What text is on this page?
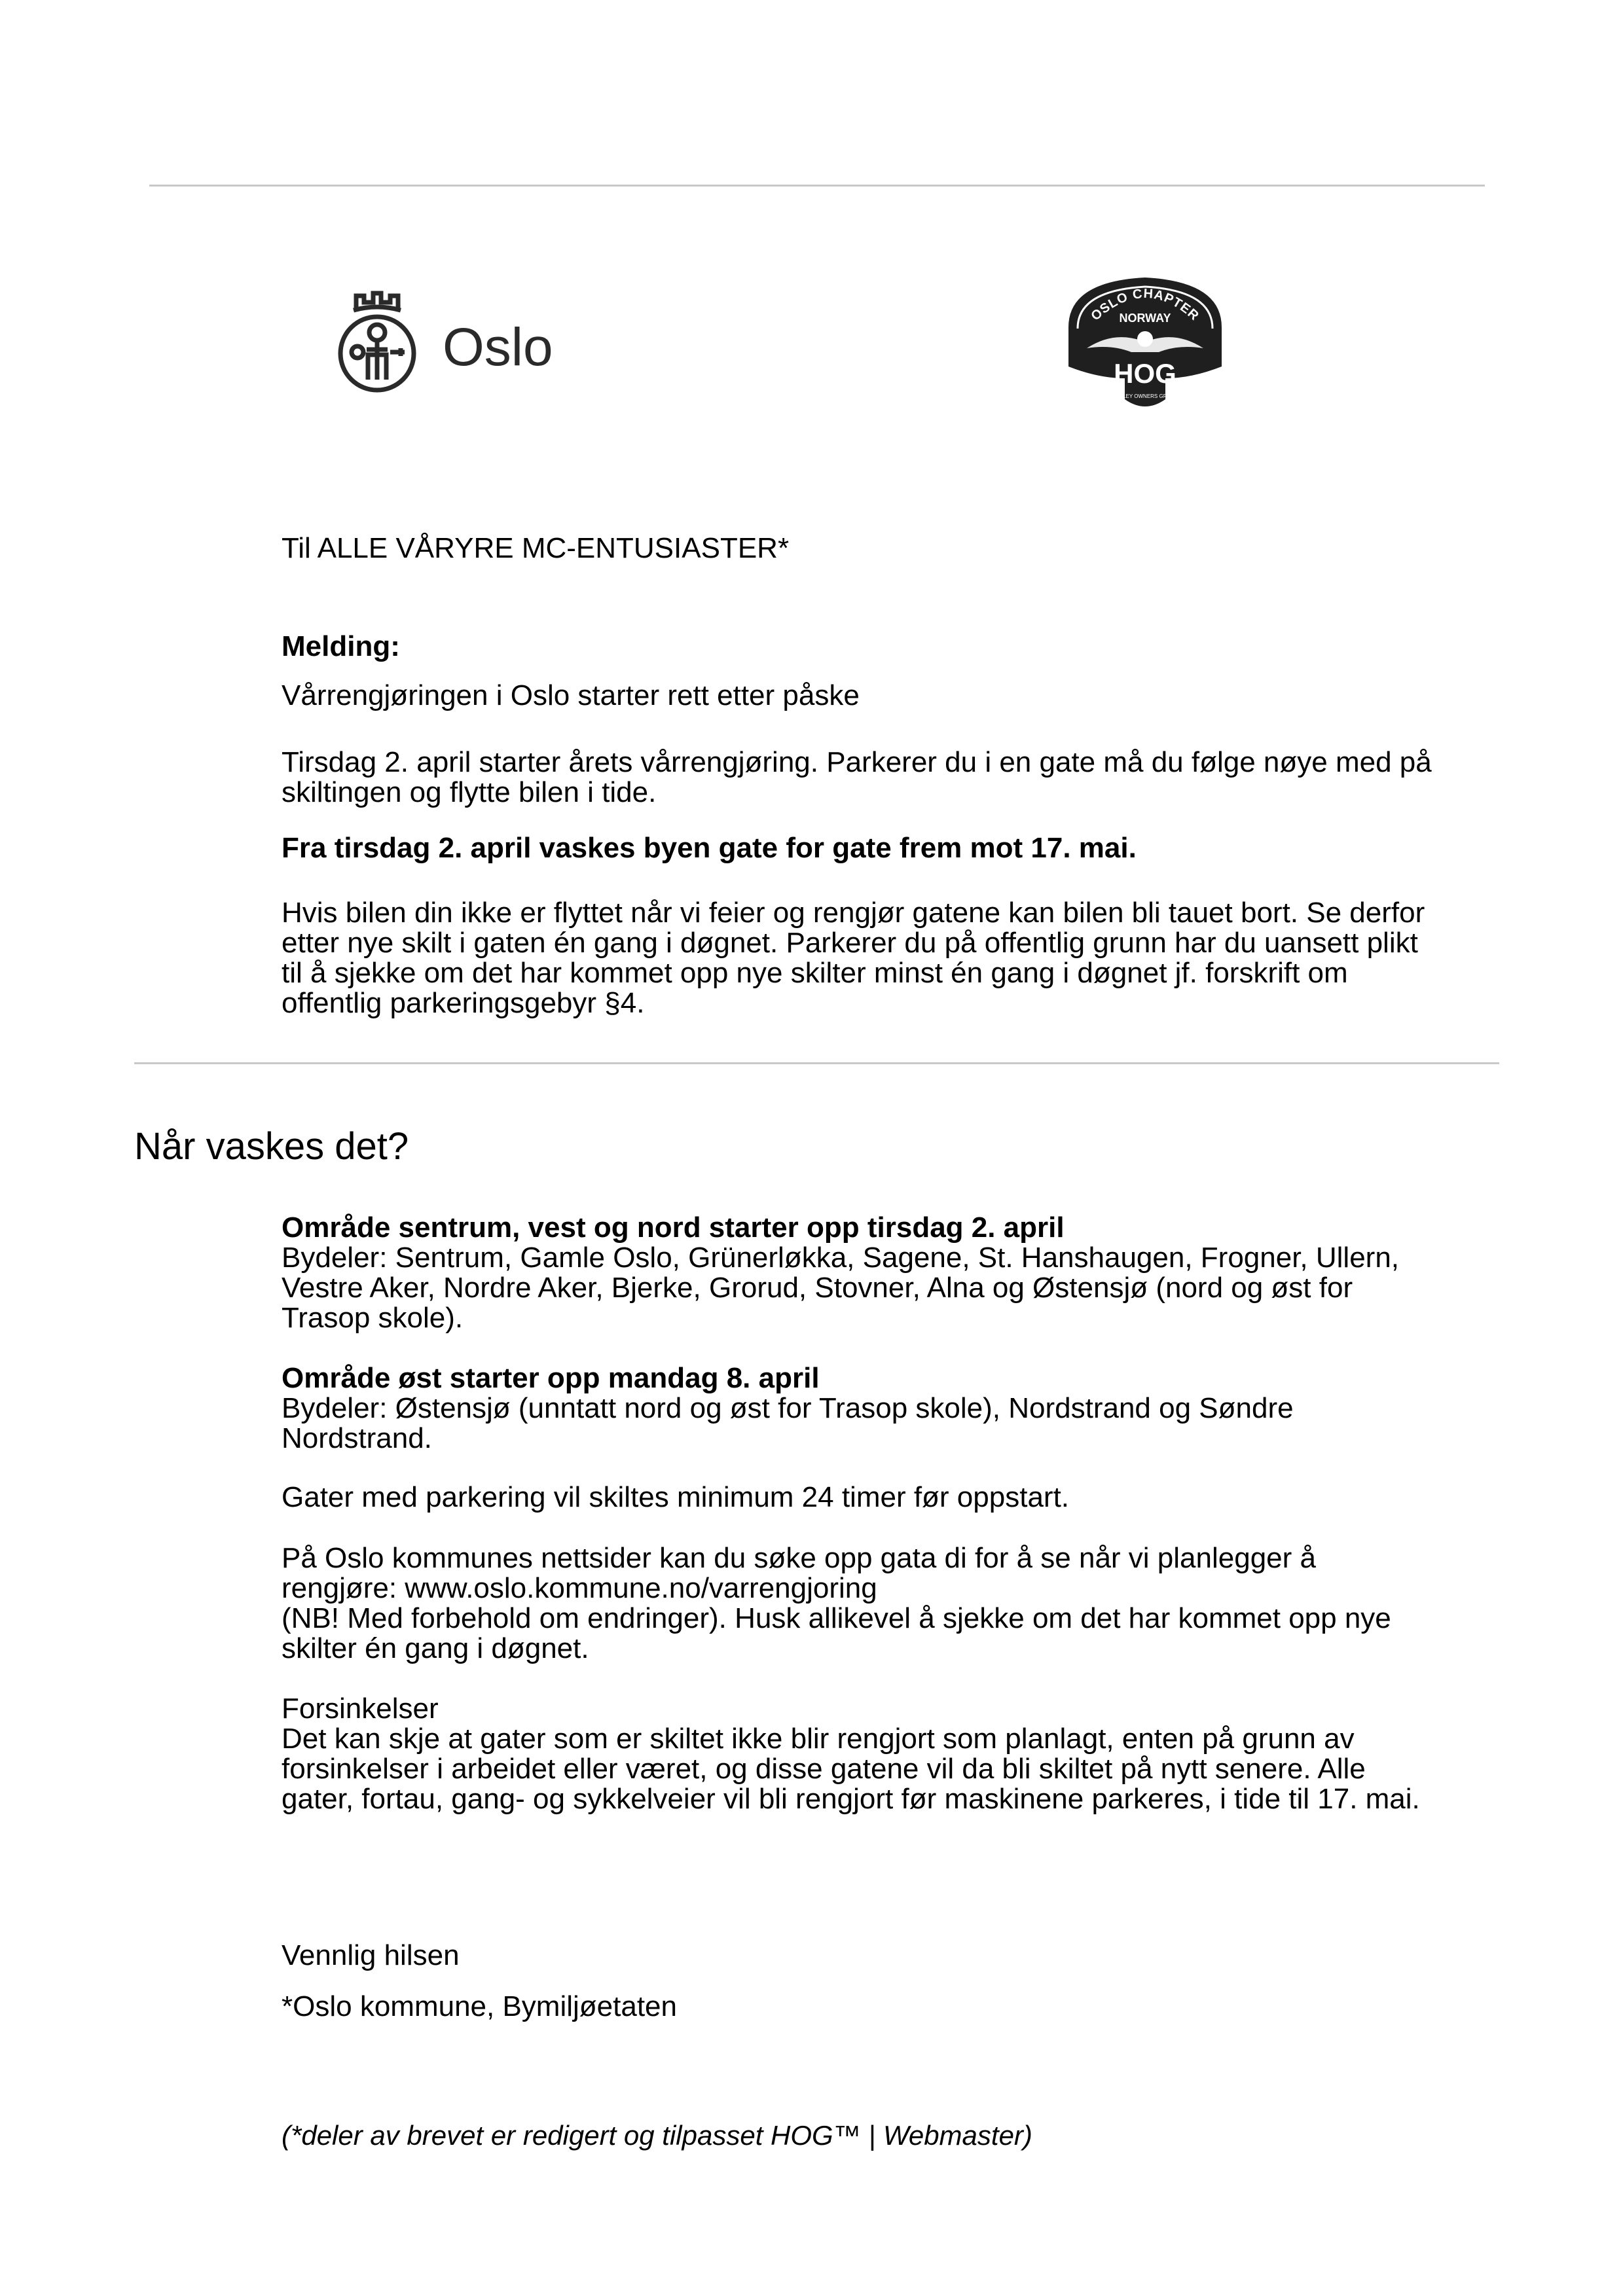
Oslo
OSLO CHAPTER
NORWAY
HOG
HARLEY OWNERS GROUP

Til ALLE VÅRYRE MC-ENTUSIASTER*

Melding:

Vårrengjøringen i Oslo starter rett etter påske

Tirsdag 2. april starter årets vårrengjøring. Parkerer du i en gate må du følge nøye med på skiltingen og flytte bilen i tide.

Fra tirsdag 2. april vaskes byen gate for gate frem mot 17. mai.

Hvis bilen din ikke er flyttet når vi feier og rengjør gatene kan bilen bli tauet bort. Se derfor etter nye skilt i gaten én gang i døgnet. Parkerer du på offentlig grunn har du uansett plikt til å sjekke om det har kommet opp nye skilter minst én gang i døgnet jf. forskrift om offentlig parkeringsgebyr §4.

Når vaskes det?

Område sentrum, vest og nord starter opp tirsdag 2. april

Bydeler: Sentrum, Gamle Oslo, Grünerløkka, Sagene, St. Hanshaugen, Frogner, Ullern, Vestre Aker, Nordre Aker, Bjerke, Grorud, Stovner, Alna og Østensjø (nord og øst for Trasop skole).

Område øst starter opp mandag 8. april

Bydeler: Østensjø (unntatt nord og øst for Trasop skole), Nordstrand og Søndre Nordstrand.

Gater med parkering vil skiltes minimum 24 timer før oppstart.

På Oslo kommunes nettsider kan du søke opp gata di for å se når vi planlegger å rengjøre: www.oslo.kommune.no/varrengjoring

(NB! Med forbehold om endringer). Husk allikevel å sjekke om det har kommet opp nye skilter én gang i døgnet.

Forsinkelser

Det kan skje at gater som er skiltet ikke blir rengjort som planlagt, enten på grunn av forsinkelser i arbeidet eller været, og disse gatene vil da bli skiltet på nytt senere. Alle gater, fortau, gang- og sykkelveier vil bli rengjort før maskinene parkeres, i tide til 17. mai.

Vennlig hilsen

*Oslo kommune, Bymiljøetaten

(*deler av brevet er redigert og tilpasset HOG™ | Webmaster)
